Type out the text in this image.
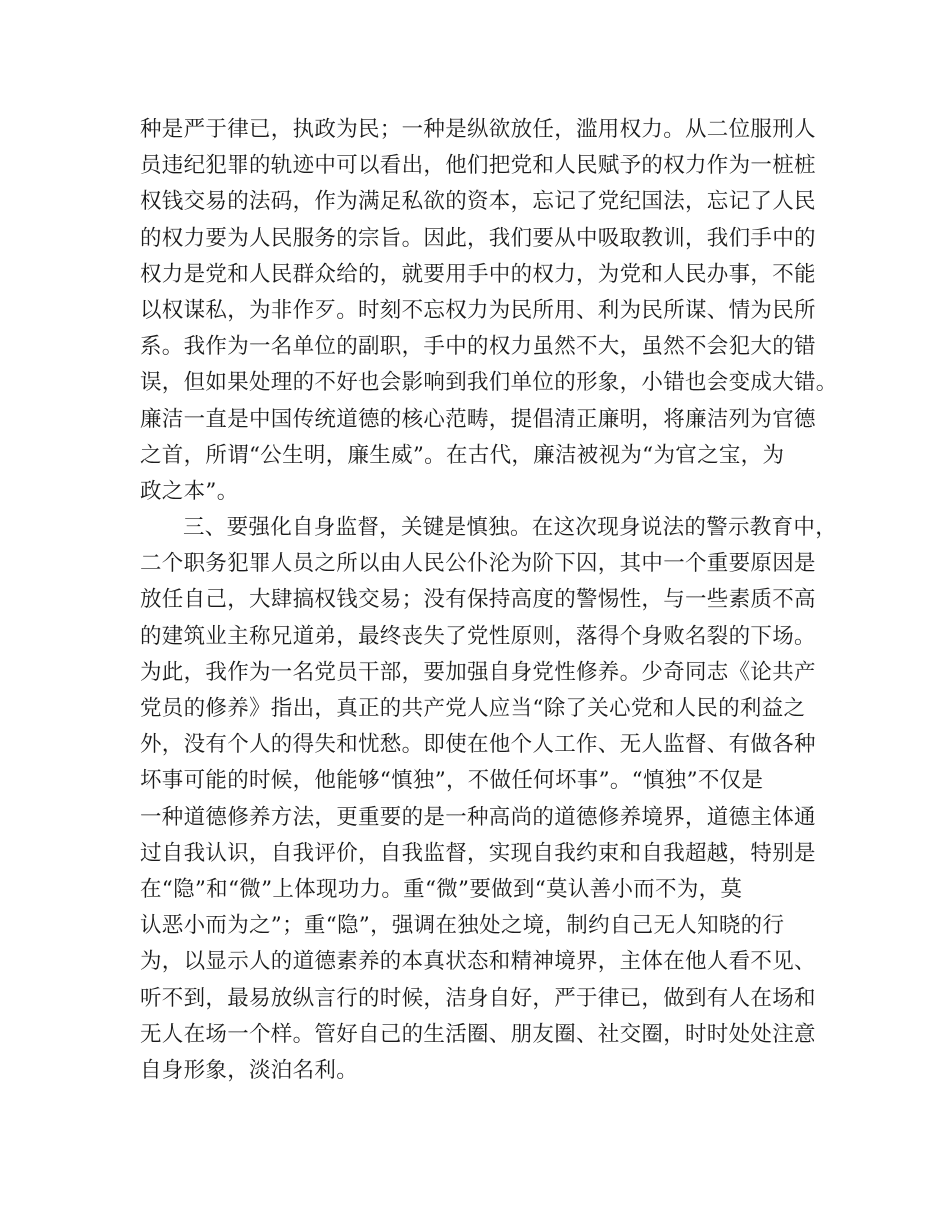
种是严于律已，执政为民；一种是纵欲放任，滥用权力。从二位服刑人
员违纪犯罪的轨迹中可以看出，他们把党和人民赋予的权力作为一桩桩
权钱交易的法码，作为满足私欲的资本，忘记了党纪国法，忘记了人民
的权力要为人民服务的宗旨。因此，我们要从中吸取教训，我们手中的
权力是党和人民群众给的，就要用手中的权力，为党和人民办事，不能
以权谋私，为非作歹。时刻不忘权力为民所用、利为民所谋、情为民所
系。我作为一名单位的副职，手中的权力虽然不大，虽然不会犯大的错
误，但如果处理的不好也会影响到我们单位的形象，小错也会变成大错。
廉洁一直是中国传统道德的核心范畴，提倡清正廉明，将廉洁列为官德
之首，所谓“公生明，廉生威”。在古代，廉洁被视为“为官之宝，为
政之本”。
三、要强化自身监督，关键是慎独。在这次现身说法的警示教育中，
二个职务犯罪人员之所以由人民公仆沦为阶下囚，其中一个重要原因是
放任自己，大肆搞权钱交易；没有保持高度的警惕性，与一些素质不高
的建筑业主称兄道弟，最终丧失了党性原则，落得个身败名裂的下场。
为此，我作为一名党员干部，要加强自身党性修养。少奇同志《论共产
党员的修养》指出，真正的共产党人应当“除了关心党和人民的利益之
外，没有个人的得失和忧愁。即使在他个人工作、无人监督、有做各种
坏事可能的时候，他能够“慎独”，不做任何坏事”。“慎独”不仅是
一种道德修养方法，更重要的是一种高尚的道德修养境界，道德主体通
过自我认识，自我评价，自我监督，实现自我约束和自我超越，特别是
在“隐”和“微”上体现功力。重“微”要做到“莫认善小而不为，莫
认恶小而为之”；重“隐”，强调在独处之境，制约自己无人知晓的行
为，以显示人的道德素养的本真状态和精神境界，主体在他人看不见、
听不到，最易放纵言行的时候，洁身自好，严于律已，做到有人在场和
无人在场一个样。管好自己的生活圈、朋友圈、社交圈，时时处处注意
自身形象，淡泊名利。
